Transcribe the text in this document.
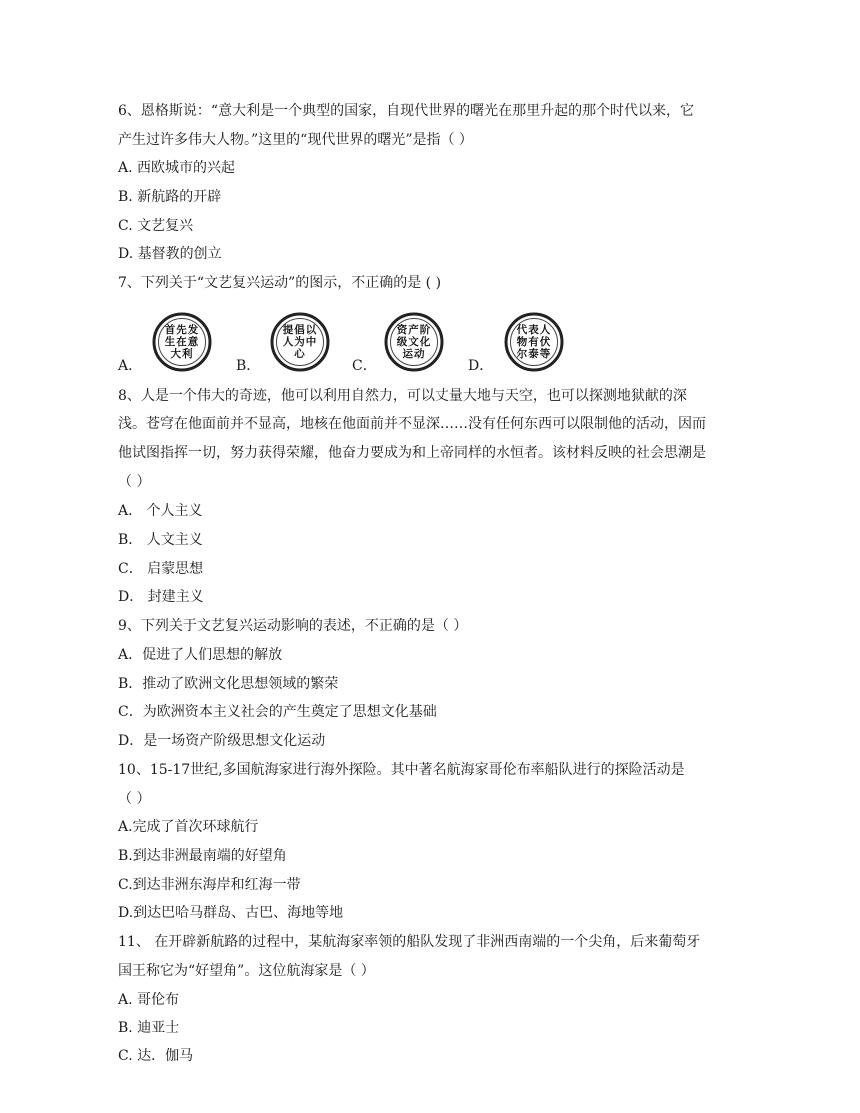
6、恩格斯说：“意大利是一个典型的国家，自现代世界的曙光在那里升起的那个时代以来，它
产生过许多伟大人物。”这里的“现代世界的曙光”是指（ ）
A. 西欧城市的兴起
B. 新航路的开辟
C. 文艺复兴
D. 基督教的创立
7、下列关于“文艺复兴运动”的图示，不正确的是 ( )
A．
首先发
生在意
大利
B．
提倡以
人为中
心
C．
资产阶
级文化
运动
D．
代表人
物有伏
尔泰等
8、人是一个伟大的奇迹，他可以利用自然力，可以丈量大地与天空，也可以探测地狱献的深
浅。苍穹在他面前并不显高，地核在他面前并不显深……没有任何东西可以限制他的活动，因而
他试图指挥一切，努力获得荣耀，他奋力要成为和上帝同样的水恒者。该材料反映的社会思潮是
（ ）
A． 个人主义
B． 人文主义
C． 启蒙思想
D． 封建主义
9、下列关于文艺复兴运动影响的表述，不正确的是（ ）
A．促进了人们思想的解放
B．推动了欧洲文化思想领域的繁荣
C．为欧洲资本主义社会的产生奠定了思想文化基础
D．是一场资产阶级思想文化运动
10、15-17世纪,多国航海家进行海外探险。其中著名航海家哥伦布率船队进行的探险活动是
（ ）
A.完成了首次环球航行
B.到达非洲最南端的好望角
C.到达非洲东海岸和红海一带
D.到达巴哈马群岛、古巴、海地等地
11、 在开辟新航路的过程中，某航海家率领的船队发现了非洲西南端的一个尖角，后来葡萄牙
国王称它为“好望角”。这位航海家是（ ）
A. 哥伦布
B. 迪亚士
C. 达．伽马
